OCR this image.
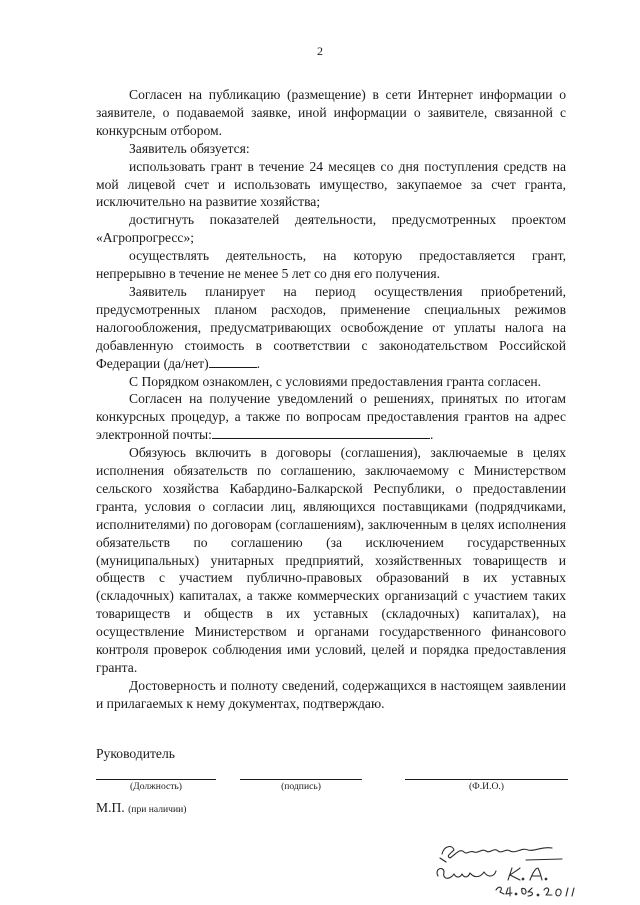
2

Согласен на публикацию (размещение) в сети Интернет информации о заявителе, о подаваемой заявке, иной информации о заявителе, связанной с конкурсным отбором.

Заявитель обязуется:

использовать грант в течение 24 месяцев со дня поступления средств на мой лицевой счет и использовать имущество, закупаемое за счет гранта, исключительно на развитие хозяйства;

достигнуть показателей деятельности, предусмотренных проектом «Агропрогресс»;

осуществлять деятельность, на которую предоставляется грант, непрерывно в течение не менее 5 лет со дня его получения.

Заявитель планирует на период осуществления приобретений, предусмотренных планом расходов, применение специальных режимов налогообложения, предусматривающих освобождение от уплаты налога на добавленную стоимость в соответствии с законодательством Российской Федерации (да/нет)	.

С Порядком ознакомлен, с условиями предоставления гранта согласен.

Согласен на получение уведомлений о решениях, принятых по итогам конкурсных процедур, а также по вопросам предоставления грантов на адрес электронной почты:	.

Обязуюсь включить в договоры (соглашения), заключаемые в целях исполнения обязательств по соглашению, заключаемому с Министерством сельского хозяйства Кабардино-Балкарской Республики, о предоставлении гранта, условия о согласии лиц, являющихся поставщиками (подрядчиками, исполнителями) по договорам (соглашениям), заключенным в целях исполнения обязательств по соглашению (за исключением государственных (муниципальных) унитарных предприятий, хозяйственных товариществ и обществ с участием публично-правовых образований в их уставных (складочных) капиталах, а также коммерческих организаций с участием таких товариществ и обществ в их уставных (складочных) капиталах), на осуществление Министерством и органами государственного финансового контроля проверок соблюдения ими условий, целей и порядка предоставления гранта.

Достоверность и полноту сведений, содержащихся в настоящем заявлении и прилагаемых к нему документах, подтверждаю.

Руководитель
(Должность)	(подпись)	(Ф.И.О.)
М.П. (при наличии)
